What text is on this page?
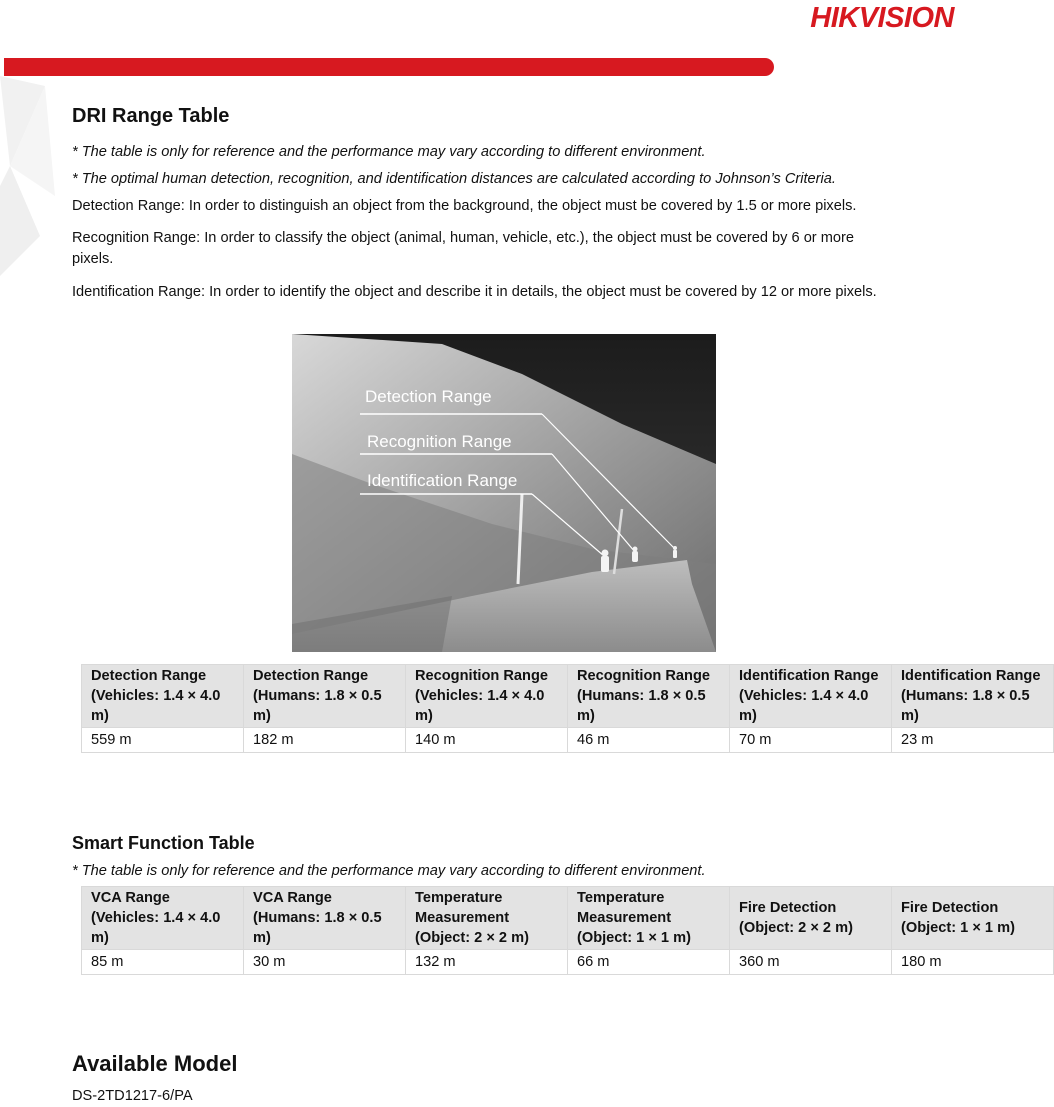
HIKVISION
DRI Range Table

* The table is only for reference and the performance may vary according to different environment.

* The optimal human detection, recognition, and identification distances are calculated according to Johnson’s Criteria.

Detection Range: In order to distinguish an object from the background, the object must be covered by 1.5 or more pixels.

Recognition Range: In order to classify the object (animal, human, vehicle, etc.), the object must be covered by 6 or more pixels.

Identification Range: In order to identify the object and describe it in details, the object must be covered by 12 or more pixels.

Detection Range
Recognition Range
Identification Range
Detection Range (Vehicles: 1.4 × 4.0 m)	Detection Range (Humans: 1.8 × 0.5 m)	Recognition Range (Vehicles: 1.4 × 4.0 m)	Recognition Range (Humans: 1.8 × 0.5 m)	Identification Range (Vehicles: 1.4 × 4.0 m)	Identification Range (Humans: 1.8 × 0.5 m)
559 m	182 m	140 m	46 m	70 m	23 m
Smart Function Table

* The table is only for reference and the performance may vary according to different environment.

VCA Range (Vehicles: 1.4 × 4.0 m)	VCA Range (Humans: 1.8 × 0.5 m)	Temperature Measurement (Object: 2 × 2 m)	Temperature Measurement (Object: 1 × 1 m)	Fire Detection (Object: 2 × 2 m)	Fire Detection (Object: 1 × 1 m)
85 m	30 m	132 m	66 m	360 m	180 m
Available Model

DS-2TD1217-6/PA
